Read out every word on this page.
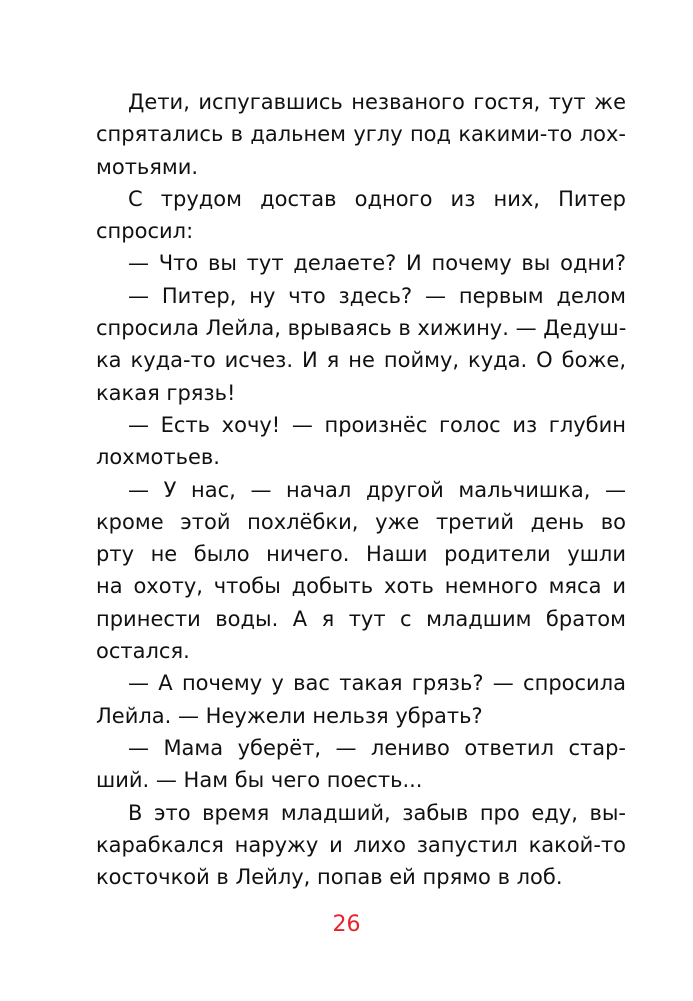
Дети, испугавшись незваного гостя, тут же
спрятались в дальнем углу под какими-то лох-
мотьями.
С трудом достав одного из них, Питер
спросил:
— Что вы тут делаете? И почему вы одни?
— Питер, ну что здесь? — первым делом
спросила Лейла, врываясь в хижину. — Дедуш-
ка куда-то исчез. И я не пойму, куда. О боже,
какая грязь!
— Есть хочу! — произнёс голос из глубин
лохмотьев.
— У нас, — начал другой мальчишка, —
кроме этой похлёбки, уже третий день во
рту не было ничего. Наши родители ушли
на охоту, чтобы добыть хоть немного мяса и
принести воды. А я тут с младшим братом
остался.
— А почему у вас такая грязь? — спросила
Лейла. — Неужели нельзя убрать?
— Мама уберёт, — лениво ответил стар-
ший. — Нам бы чего поесть...
В это время младший, забыв про еду, вы-
карабкался наружу и лихо запустил какой-то
косточкой в Лейлу, попав ей прямо в лоб.
26
